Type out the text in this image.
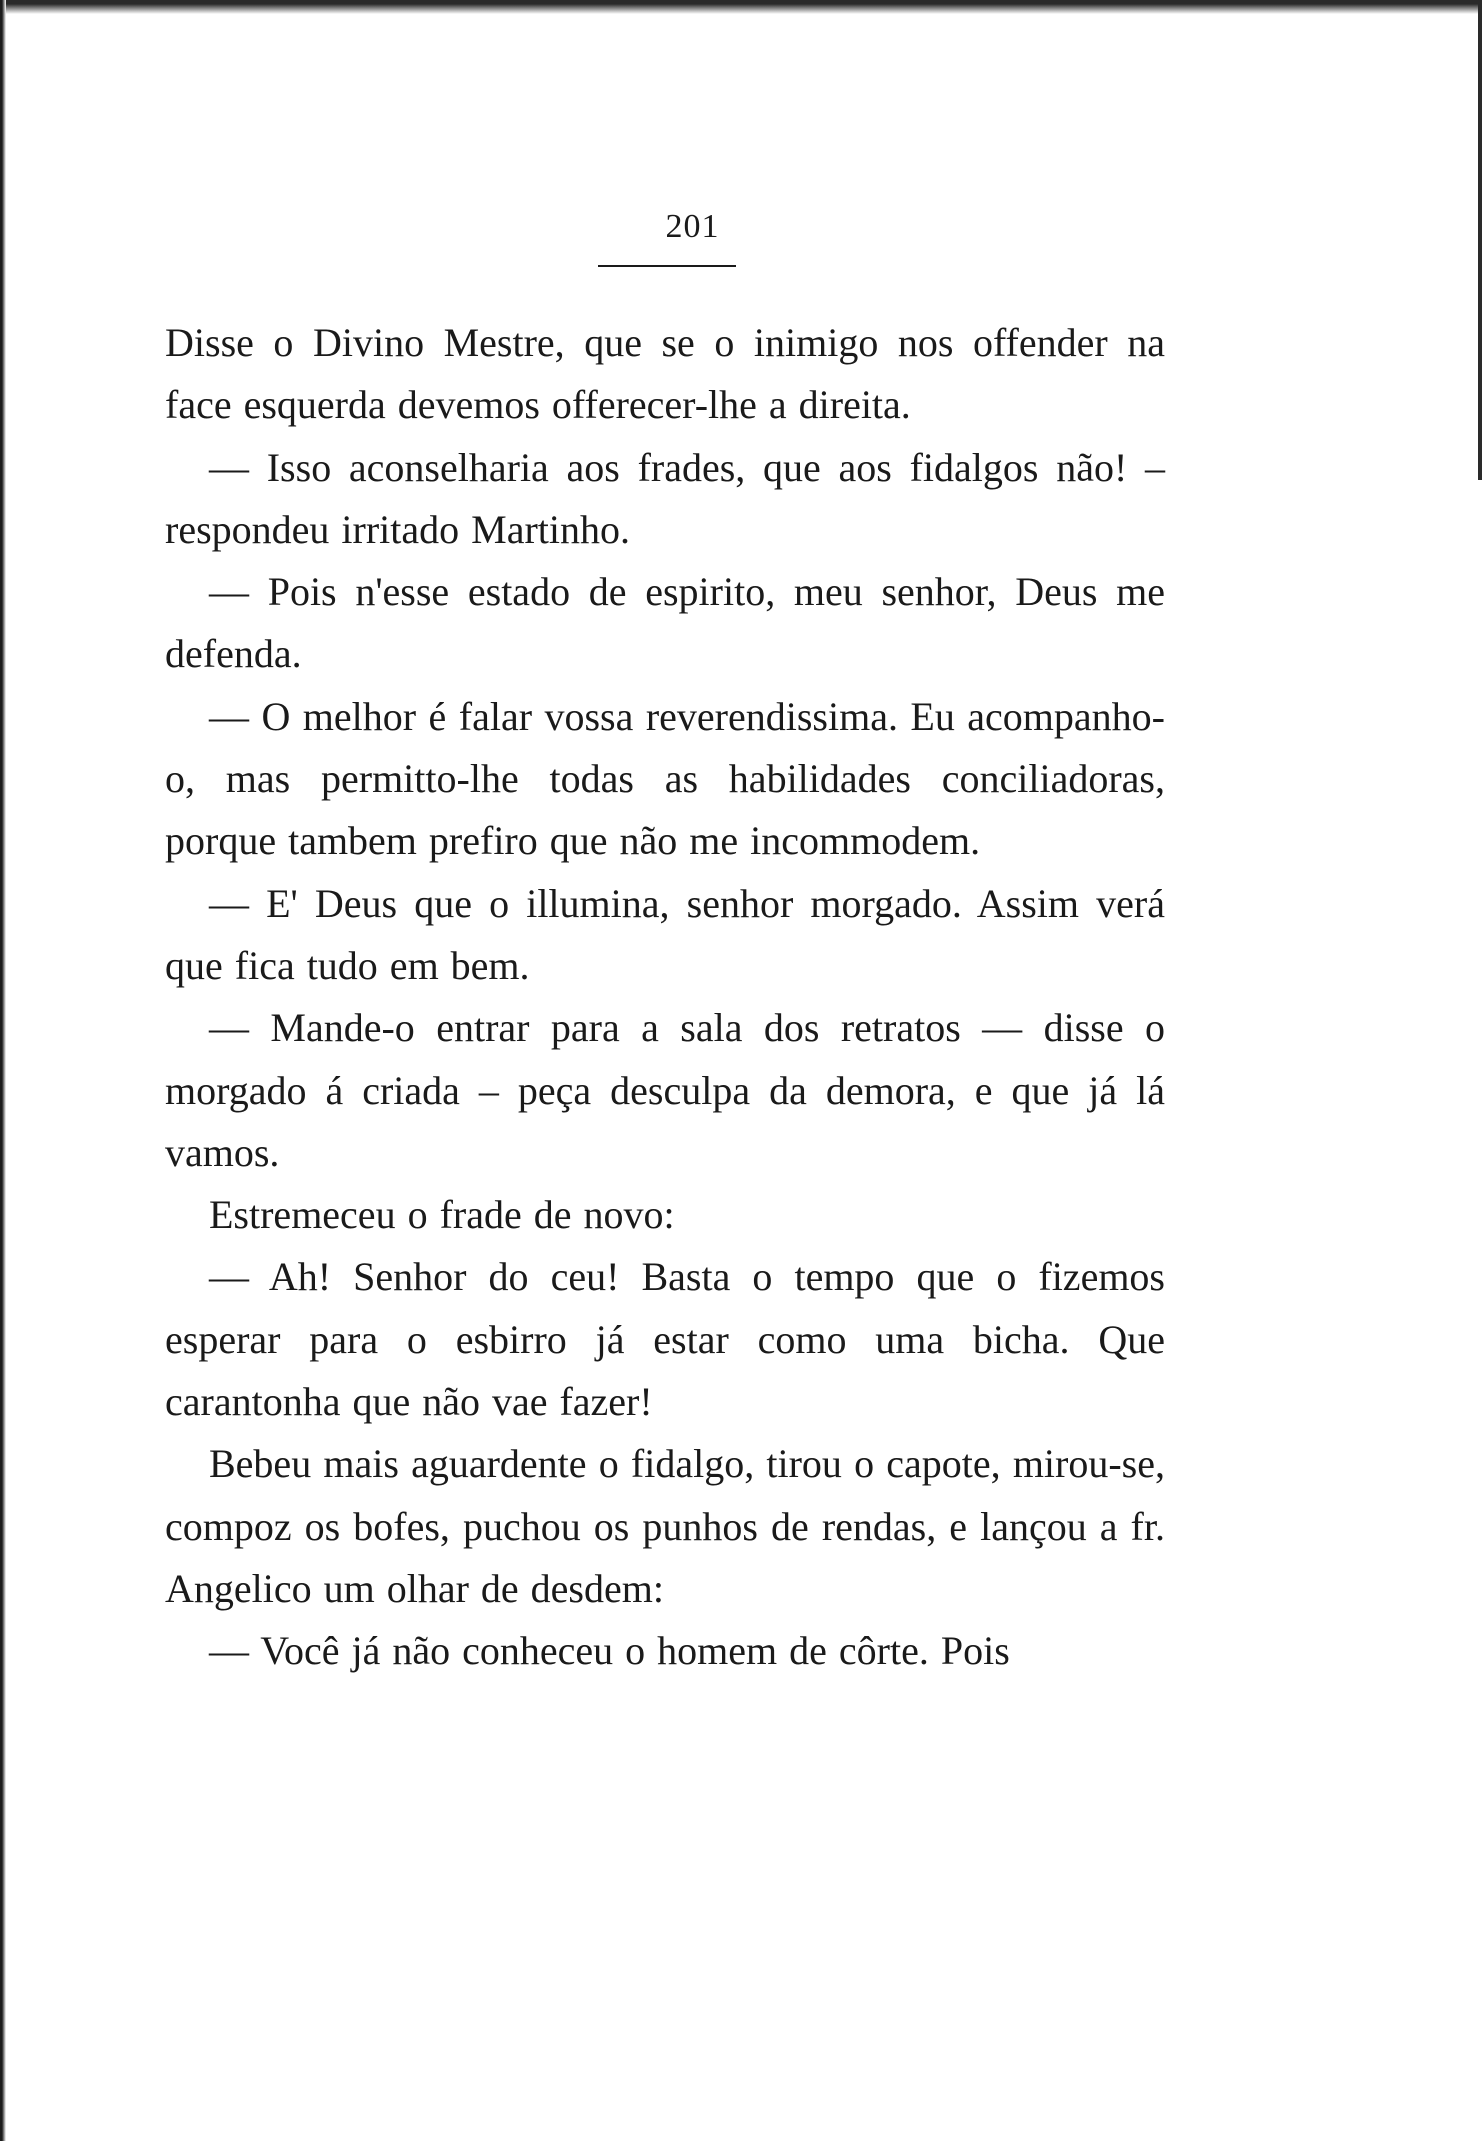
201

Disse o Divino Mestre, que se o inimigo nos offender na face esquerda devemos offerecer-lhe a direita.

— Isso aconselharia aos frades, que aos fidalgos não! – respondeu irritado Martinho.

— Pois n'esse estado de espirito, meu senhor, Deus me defenda.

— O melhor é falar vossa reverendissima. Eu acompanho-o, mas permitto-lhe todas as habilidades conciliadoras, porque tambem prefiro que não me incommodem.

— E' Deus que o illumina, senhor morgado. Assim verá que fica tudo em bem.

— Mande-o entrar para a sala dos retratos — disse o morgado á criada – peça desculpa da demora, e que já lá vamos.

Estremeceu o frade de novo:

— Ah! Senhor do ceu! Basta o tempo que o fizemos esperar para o esbirro já estar como uma bicha. Que carantonha que não vae fazer!

Bebeu mais aguardente o fidalgo, tirou o capote, mirou-se, compoz os bofes, puchou os punhos de rendas, e lançou a fr. Angelico um olhar de desdem:

— Você já não conheceu o homem de côrte. Pois
